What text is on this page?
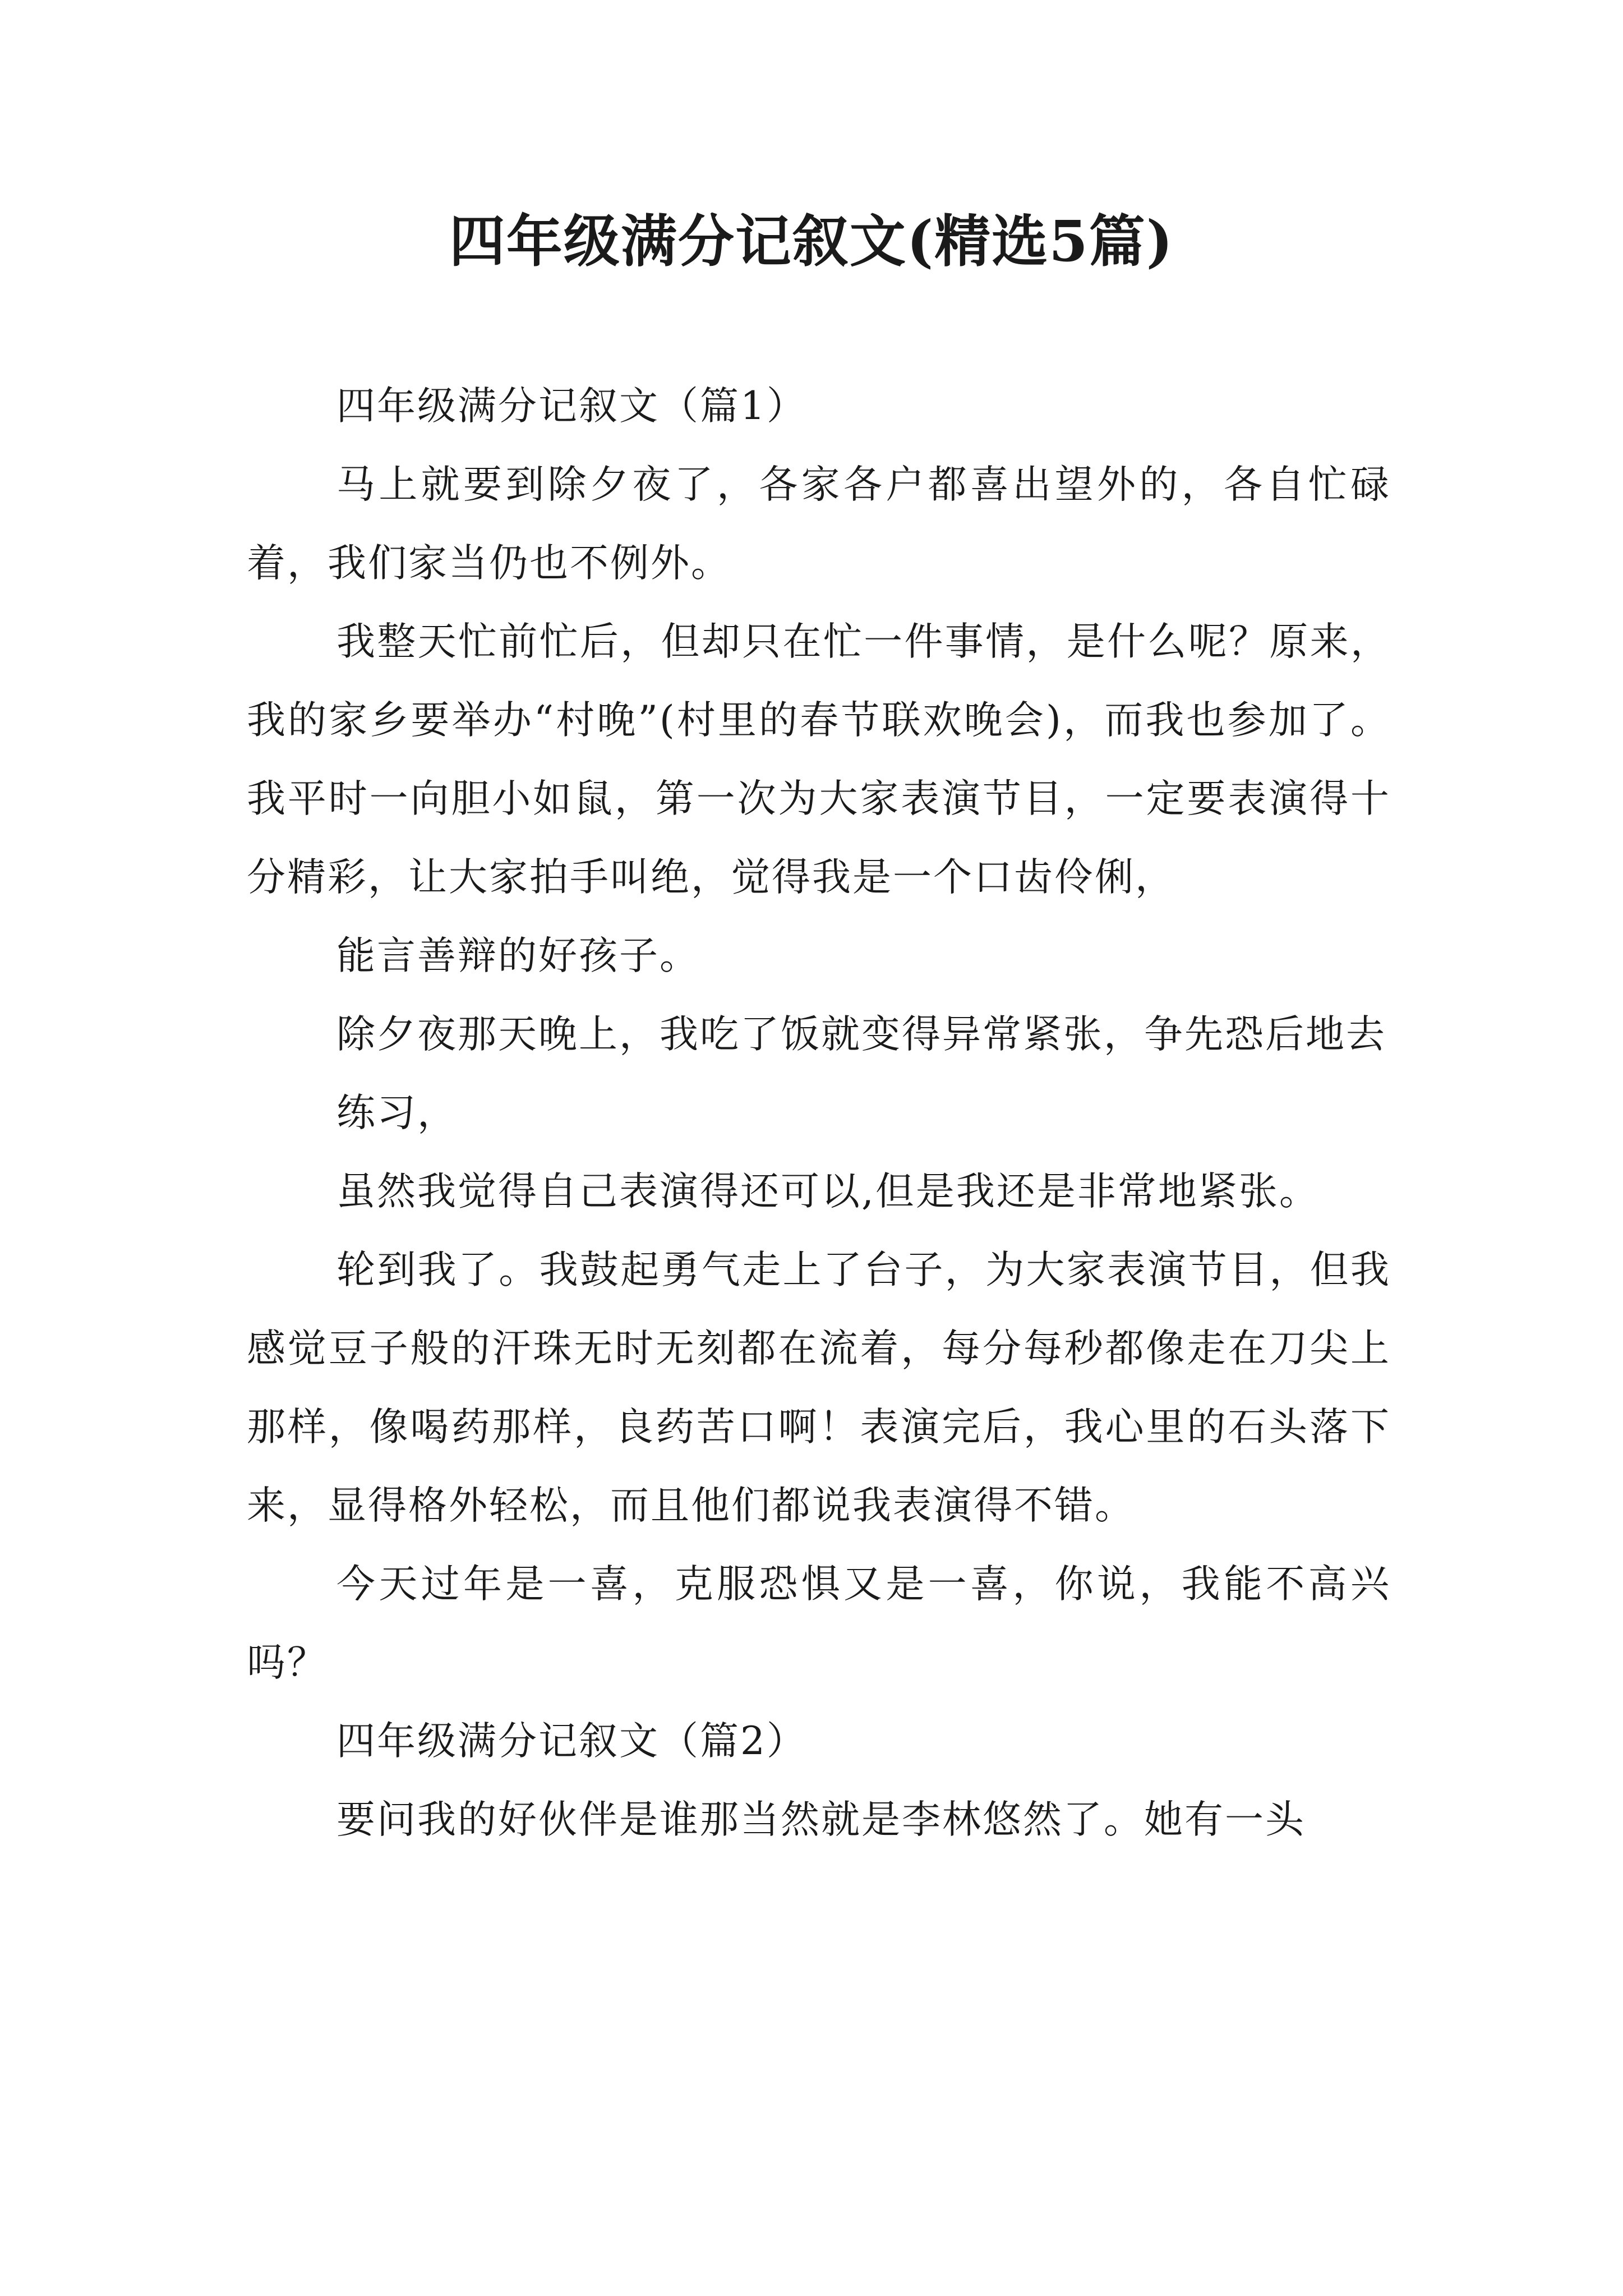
四年级满分记叙文(精选5篇)

四年级满分记叙文（篇1）

马上就要到除夕夜了，各家各户都喜出望外的，各自忙碌着，我们家当仍也不例外。

我整天忙前忙后，但却只在忙一件事情，是什么呢？原来，我的家乡要举办“村晚”(村里的春节联欢晚会)，而我也参加了。我平时一向胆小如鼠，第一次为大家表演节目，一定要表演得十分精彩，让大家拍手叫绝，觉得我是一个口齿伶俐，

能言善辩的好孩子。

除夕夜那天晚上，我吃了饭就变得异常紧张，争先恐后地去

练习，

虽然我觉得自己表演得还可以,但是我还是非常地紧张。

轮到我了。我鼓起勇气走上了台子，为大家表演节目，但我感觉豆子般的汗珠无时无刻都在流着，每分每秒都像走在刀尖上那样，像喝药那样，良药苦口啊！表演完后，我心里的石头落下来，显得格外轻松，而且他们都说我表演得不错。

今天过年是一喜，克服恐惧又是一喜，你说，我能不高兴吗？

四年级满分记叙文（篇2）

要问我的好伙伴是谁那当然就是李林悠然了。她有一头
